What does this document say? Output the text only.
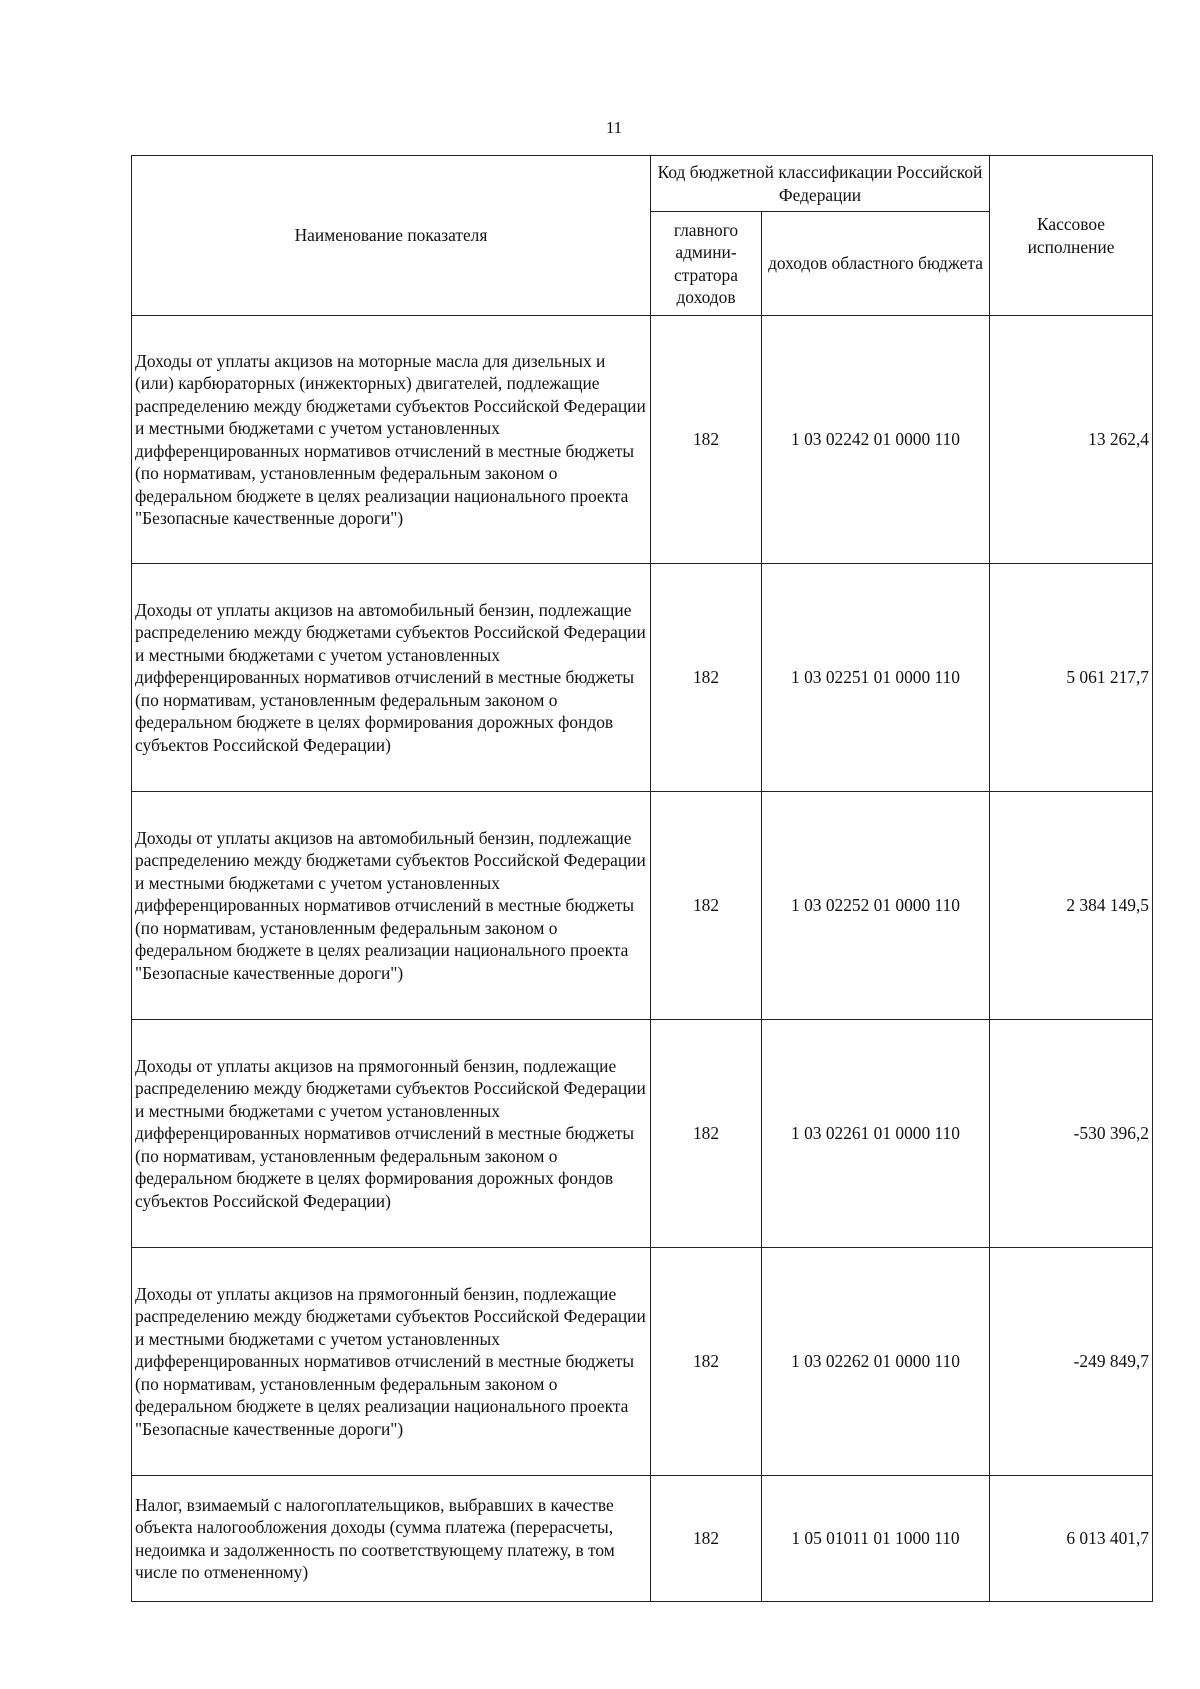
11
Наименование показателя	Код бюджетной классификации Российской Федерации		Кассовое исполнение
	главного админи-стратора доходов	доходов областного бюджета	
Доходы от уплаты акцизов на моторные масла для дизельных и (или) карбюраторных (инжекторных) двигателей, подлежащие распределению между бюджетами субъектов Российской Федерации и местными бюджетами с учетом установленных дифференцированных нормативов отчислений в местные бюджеты (по нормативам, установленным федеральным законом о федеральном бюджете в целях реализации национального проекта "Безопасные качественные дороги")	182	1 03 02242 01 0000 110	13 262,4
Доходы от уплаты акцизов на автомобильный бензин, подлежащие распределению между бюджетами субъектов Российской Федерации и местными бюджетами с учетом установленных дифференцированных нормативов отчислений в местные бюджеты (по нормативам, установленным федеральным законом о федеральном бюджете в целях формирования дорожных фондов субъектов Российской Федерации)	182	1 03 02251 01 0000 110	5 061 217,7
Доходы от уплаты акцизов на автомобильный бензин, подлежащие распределению между бюджетами субъектов Российской Федерации и местными бюджетами с учетом установленных дифференцированных нормативов отчислений в местные бюджеты (по нормативам, установленным федеральным законом о федеральном бюджете в целях реализации национального проекта "Безопасные качественные дороги")	182	1 03 02252 01 0000 110	2 384 149,5
Доходы от уплаты акцизов на прямогонный бензин, подлежащие распределению между бюджетами субъектов Российской Федерации и местными бюджетами с учетом установленных дифференцированных нормативов отчислений в местные бюджеты (по нормативам, установленным федеральным законом о федеральном бюджете в целях формирования дорожных фондов субъектов Российской Федерации)	182	1 03 02261 01 0000 110	-530 396,2
Доходы от уплаты акцизов на прямогонный бензин, подлежащие распределению между бюджетами субъектов Российской Федерации и местными бюджетами с учетом установленных дифференцированных нормативов отчислений в местные бюджеты (по нормативам, установленным федеральным законом о федеральном бюджете в целях реализации национального проекта "Безопасные качественные дороги")	182	1 03 02262 01 0000 110	-249 849,7
Налог, взимаемый с налогоплательщиков, выбравших в качестве объекта налогообложения доходы (сумма платежа (перерасчеты, недоимка и задолженность по соответствующему платежу, в том числе по отмененному)	182	1 05 01011 01 1000 110	6 013 401,7
